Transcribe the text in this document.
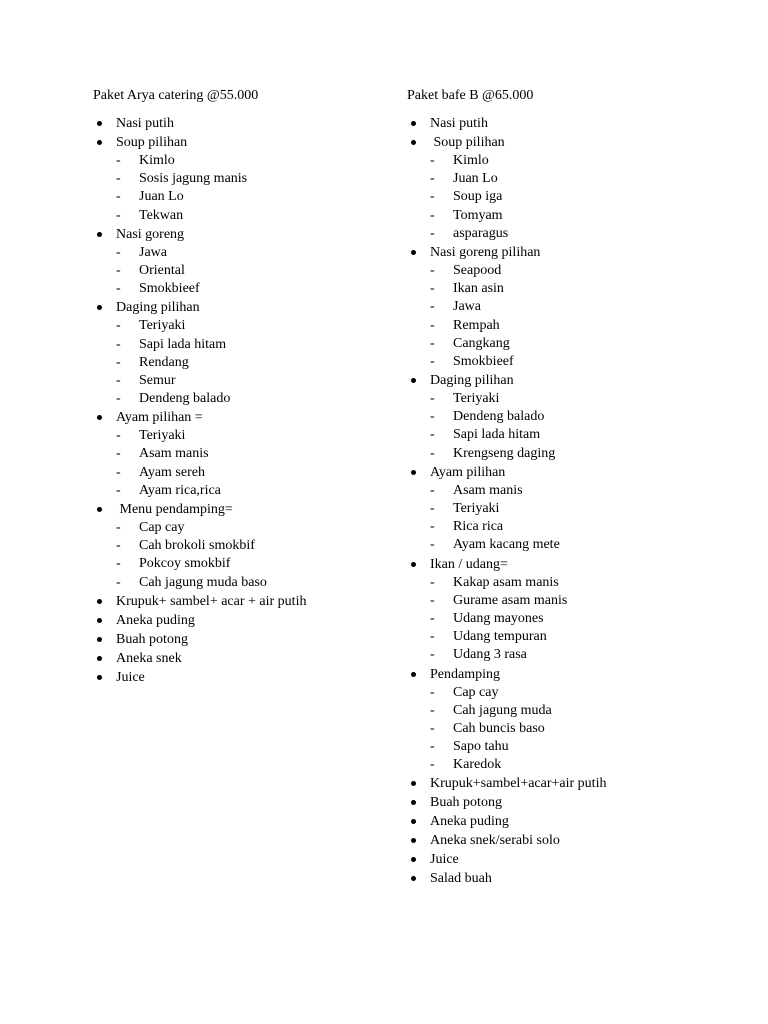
Paket Arya catering @55.000
Nasi putih
Soup pilihan
- Kimlo
- Sosis jagung manis
- Juan Lo
- Tekwan
Nasi goreng
- Jawa
- Oriental
- Smokbieef
Daging pilihan
- Teriyaki
- Sapi lada hitam
- Rendang
- Semur
- Dendeng balado
Ayam pilihan =
- Teriyaki
- Asam manis
- Ayam sereh
- Ayam rica,rica
Menu pendamping=
- Cap cay
- Cah brokoli smokbif
- Pokcoy smokbif
- Cah jagung muda baso
Krupuk+ sambel+ acar + air putih
Aneka puding
Buah potong
Aneka snek
Juice
Paket bafe B @65.000
Nasi putih
Soup pilihan
- Kimlo
- Juan Lo
- Soup iga
- Tomyam
- asparagus
Nasi goreng pilihan
- Seapood
- Ikan asin
- Jawa
- Rempah
- Cangkang
- Smokbieef
Daging pilihan
- Teriyaki
- Dendeng balado
- Sapi lada hitam
- Krengseng daging
Ayam pilihan
- Asam manis
- Teriyaki
- Rica rica
- Ayam kacang mete
Ikan / udang=
- Kakap asam manis
- Gurame asam manis
- Udang mayones
- Udang tempuran
- Udang 3 rasa
Pendamping
- Cap cay
- Cah jagung muda
- Cah buncis baso
- Sapo tahu
- Karedok
Krupuk+sambel+acar+air putih
Buah potong
Aneka puding
Aneka snek/serabi solo
Juice
Salad buah
